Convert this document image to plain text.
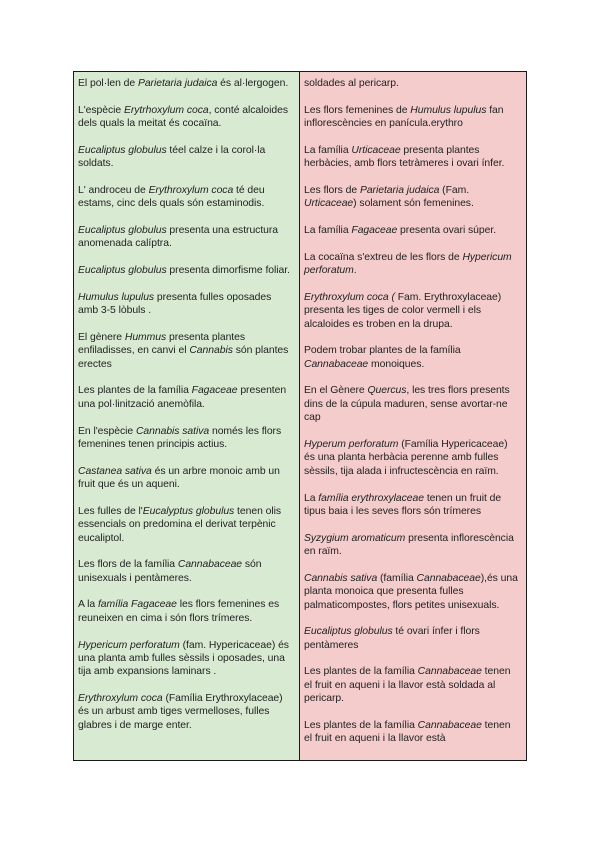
El pol·len de Parietaria judaica és al·lergogen.
L'espècie Erytrhoxylum coca, conté alcaloides dels quals la meitat és cocaïna.
Eucaliptus globulus téel calze i la corol·la soldats.
L' androceu de Erythroxylum coca té deu estams, cinc dels quals són estaminodis.
Eucaliptus globulus presenta una estructura anomenada calíptra.
Eucaliptus globulus presenta dimorfisme foliar.
Humulus lupulus presenta fulles oposades amb 3-5 lòbuls .
El gènere Hummus presenta plantes enfiladisses, en canvi el Cannabis són plantes erectes
Les plantes de la família Fagaceae presenten una pol·linització anemòfila.
En l'espècie Cannabis sativa només les flors femenines tenen principis actius.
Castanea sativa és un arbre monoic amb un fruit que és un aqueni.
Les fulles de l'Eucalyptus globulus tenen olis essencials on predomina el derivat terpènic eucaliptol.
Les flors de la família Cannabaceae són unisexuals i pentàmeres.
A la família Fagaceae les flors femenines es reuneixen en cima i són flors trímeres.
Hypericum perforatum (fam. Hypericaceae) és una planta amb fulles sèssils i oposades, una tija amb expansions laminars .
Erythroxylum coca (Família Erythroxylaceae) és un arbust amb tiges vermelloses, fulles glabres i de marge enter.
soldades al pericarp.
Les flors femenines de Humulus lupulus fan inflorescències en panícula.erythro
La família Urticaceae presenta plantes herbàcies, amb flors tetràmeres i ovari ínfer.
Les flors de Parietaria judaica (Fam. Urticaceae) solament són femenines.
La família Fagaceae presenta ovari súper.
La cocaïna s'extreu de les flors de Hypericum perforatum.
Erythroxylum coca ( Fam. Erythroxylaceae) presenta les tiges de color vermell i els alcaloides es troben en la drupa.
Podem trobar plantes de la família Cannabaceae monoiques.
En el Gènere Quercus, les tres flors presents dins de la cúpula maduren, sense avortar-ne cap
Hyperum perforatum (Família Hypericaceae) és una planta herbàcia perenne amb fulles sèssils, tija alada i infructescència en raïm.
La família erythroxylaceae tenen un fruit de tipus baia i les seves flors són trímeres
Syzygium aromaticum presenta inflorescència en raïm.
Cannabis sativa (família Cannabaceae),és una planta monoica que presenta fulles palmaticompostes, flors petites unisexuals.
Eucaliptus globulus té ovari ínfer i flors pentàmeres
Les plantes de la família Cannabaceae tenen el fruit en aqueni i la llavor està soldada al pericarp.
Les plantes de la família Cannabaceae tenen el fruit en aqueni i la llavor està
